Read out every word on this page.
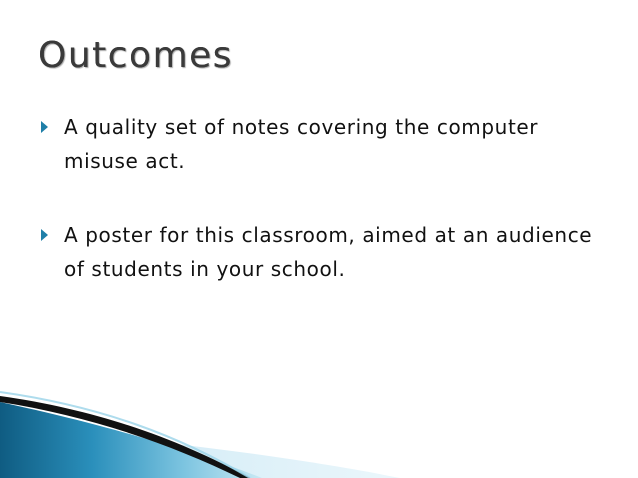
Outcomes
A quality set of notes covering the computer misuse act.
A poster for this classroom, aimed at an audience of students in your school.
